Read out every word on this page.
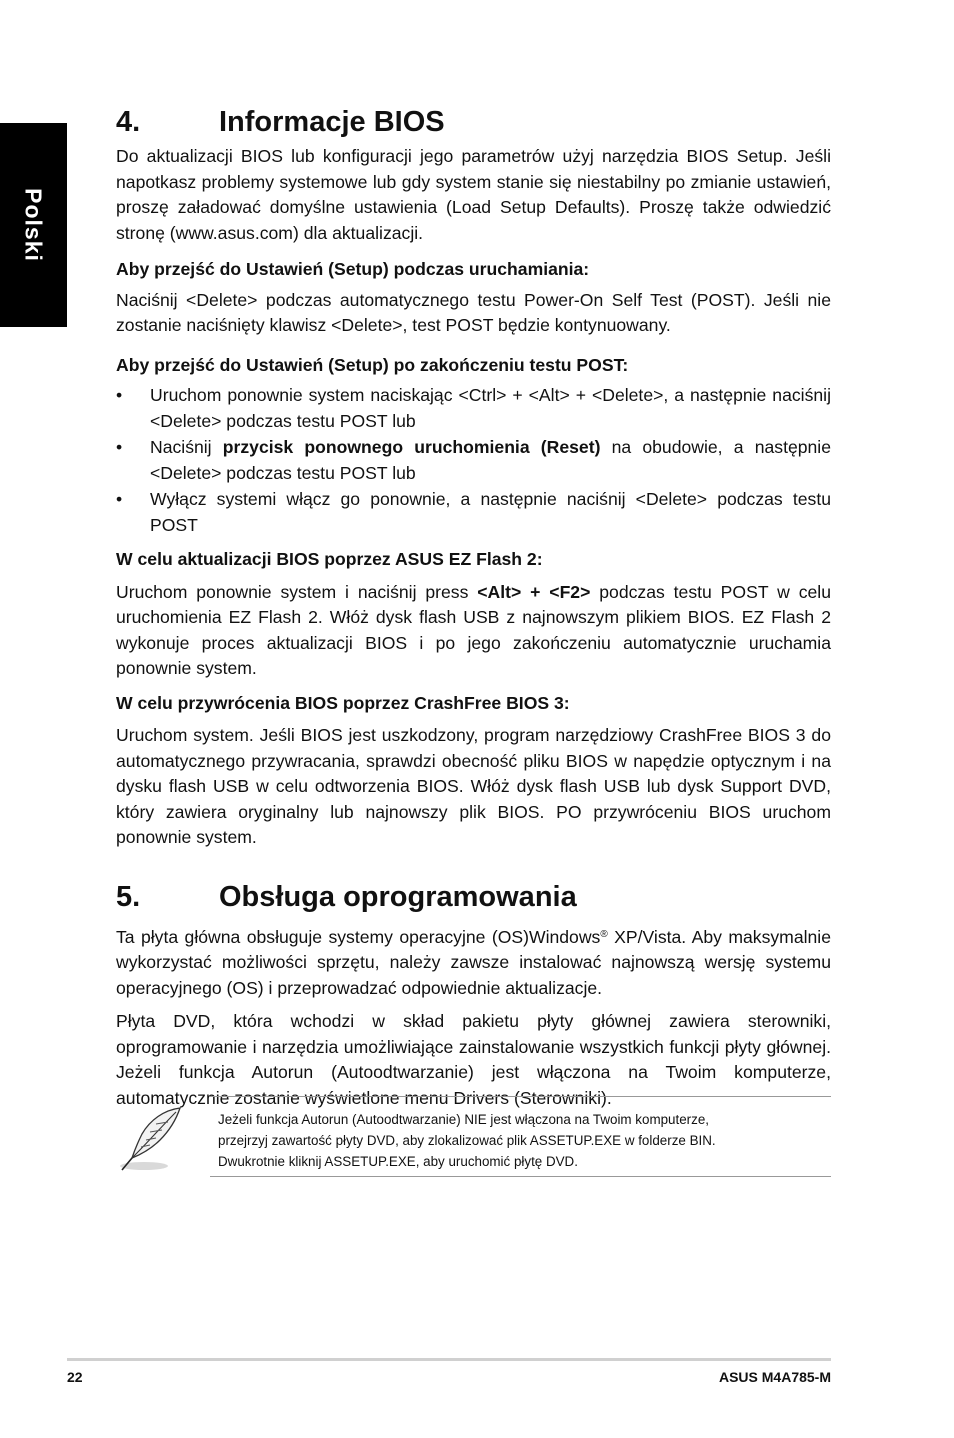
Polski
4.	Informacje BIOS

Do aktualizacji BIOS lub konfiguracji jego parametrów użyj narzędzia BIOS Setup. Jeśli napotkasz problemy systemowe lub gdy system stanie się niestabilny po zmianie ustawień, proszę załadować domyślne ustawienia (Load Setup Defaults). Proszę także odwiedzić stronę (www.asus.com) dla aktualizacji.

Aby przejść do Ustawień (Setup) podczas uruchamiania:

Naciśnij <Delete> podczas automatycznego testu Power-On Self Test (POST). Jeśli nie zostanie naciśnięty klawisz <Delete>, test POST będzie kontynuowany.

Aby przejść do Ustawień (Setup) po zakończeniu testu POST:

• Uruchom ponownie system naciskając <Ctrl> + <Alt> + <Delete>, a następnie naciśnij <Delete> podczas testu POST lub
• Naciśnij przycisk ponownego uruchomienia (Reset) na obudowie, a następnie <Delete> podczas testu POST lub
• Wyłącz systemi włącz go ponownie, a następnie naciśnij <Delete> podczas testu POST

W celu aktualizacji BIOS poprzez ASUS EZ Flash 2:

Uruchom ponownie system i naciśnij press <Alt> + <F2> podczas testu POST w celu uruchomienia EZ Flash 2. Włóż dysk flash USB z najnowszym plikiem BIOS. EZ Flash 2 wykonuje proces aktualizacji BIOS i po jego zakończeniu automatycznie uruchamia ponownie system.

W celu przywrócenia BIOS poprzez CrashFree BIOS 3:

Uruchom system. Jeśli BIOS jest uszkodzony, program narzędziowy CrashFree BIOS 3 do automatycznego przywracania, sprawdzi obecność pliku BIOS w napędzie optycznym i na dysku flash USB w celu odtworzenia BIOS. Włóż dysk flash USB lub dysk Support DVD, który zawiera oryginalny lub najnowszy plik BIOS. PO przywróceniu BIOS uruchom ponownie system.

5.	Obsługa oprogramowania

Ta płyta główna obsługuje systemy operacyjne (OS)Windows® XP/Vista. Aby maksymalnie wykorzystać możliwości sprzętu, należy zawsze instalować najnowszą wersję systemu operacyjnego (OS) i przeprowadzać odpowiednie aktualizacje.

Płyta DVD, która wchodzi w skład pakietu płyty głównej zawiera sterowniki, oprogramowanie i narzędzia umożliwiające zainstalowanie wszystkich funkcji płyty głównej. Jeżeli funkcja Autorun (Autoodtwarzanie) jest włączona na Twoim komputerze, automatycznie zostanie wyświetlone menu Drivers (Sterowniki).

Jeżeli funkcja Autorun (Autoodtwarzanie) NIE jest włączona na Twoim komputerze,
przejrzyj zawartość płyty DVD, aby zlokalizować plik ASSETUP.EXE w folderze BIN.
Dwukrotnie kliknij ASSETUP.EXE, aby uruchomić płytę DVD.

22	ASUS M4A785-M
